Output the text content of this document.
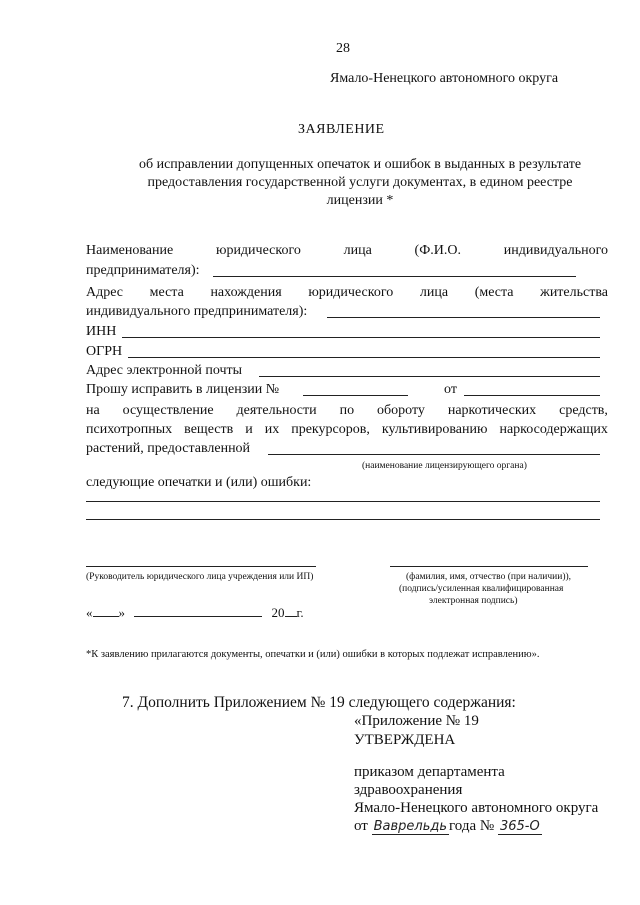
28
Ямало-Ненецкого автономного округа
ЗАЯВЛЕНИЕ
об исправлении допущенных опечаток и ошибок в выданных в результате
предоставления государственной услуги документах, в едином реестре
лицензии *
Наименование	юридического	лица	(Ф.И.О.	индивидуального
предпринимателя):
Адрес места нахождения юридического лица (места жительства
индивидуального предпринимателя):
ИНН
ОГРН
Адрес электронной почты
Прошу исправить в лицензии №	от
на осуществление деятельности по обороту наркотических средств,
психотропных веществ и их прекурсоров, культивированию наркосодержащих
растений, предоставленной
(наименование лицензирующего органа)
следующие опечатки и (или) ошибки:
(Руководитель юридического лица учреждения или ИП)	(фамилия, имя, отчество (при наличии)),
(подпись/усиленная квалифицированная
электронная подпись)
« »	20 г.
*К заявлению прилагаются документы, опечатки и (или) ошибки в которых подлежат исправлению».
7. Дополнить Приложением № 19 следующего содержания:
«Приложение № 19
УТВЕРЖДЕНА
приказом департамента
здравоохранения
Ямало-Ненецкого автономного округа
от Ваврельдь года № 365-О
